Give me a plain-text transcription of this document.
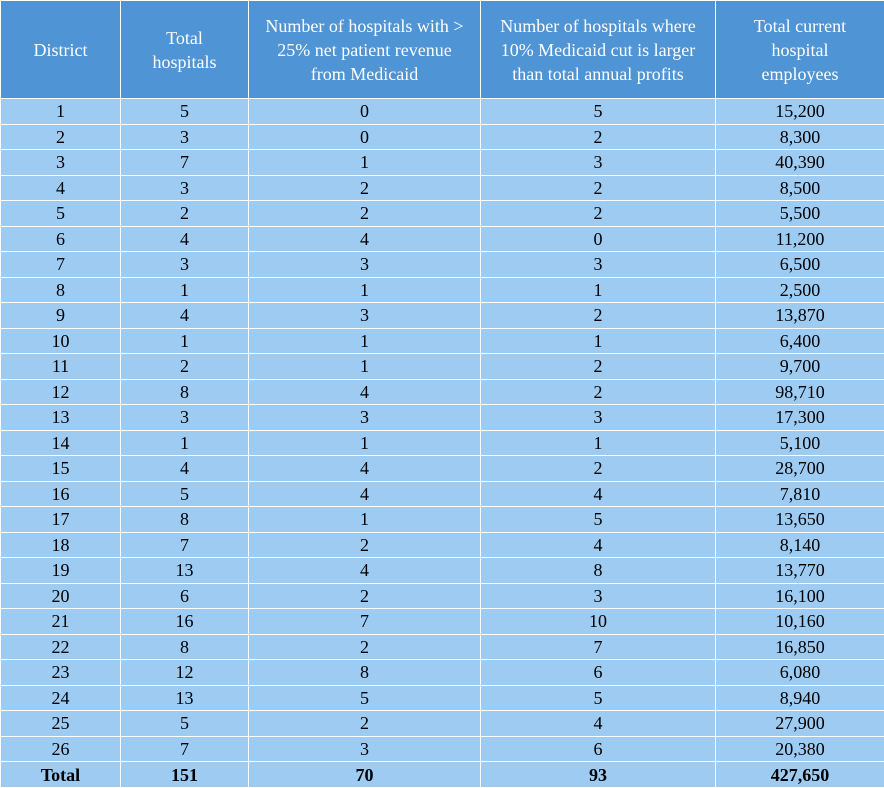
District	Total hospitals	Number of hospitals with > 25% net patient revenue from Medicaid	Number of hospitals where 10% Medicaid cut is larger than total annual profits	Total current hospital employees
1	5	0	5	15,200
2	3	0	2	8,300
3	7	1	3	40,390
4	3	2	2	8,500
5	2	2	2	5,500
6	4	4	0	11,200
7	3	3	3	6,500
8	1	1	1	2,500
9	4	3	2	13,870
10	1	1	1	6,400
11	2	1	2	9,700
12	8	4	2	98,710
13	3	3	3	17,300
14	1	1	1	5,100
15	4	4	2	28,700
16	5	4	4	7,810
17	8	1	5	13,650
18	7	2	4	8,140
19	13	4	8	13,770
20	6	2	3	16,100
21	16	7	10	10,160
22	8	2	7	16,850
23	12	8	6	6,080
24	13	5	5	8,940
25	5	2	4	27,900
26	7	3	6	20,380
Total	151	70	93	427,650
